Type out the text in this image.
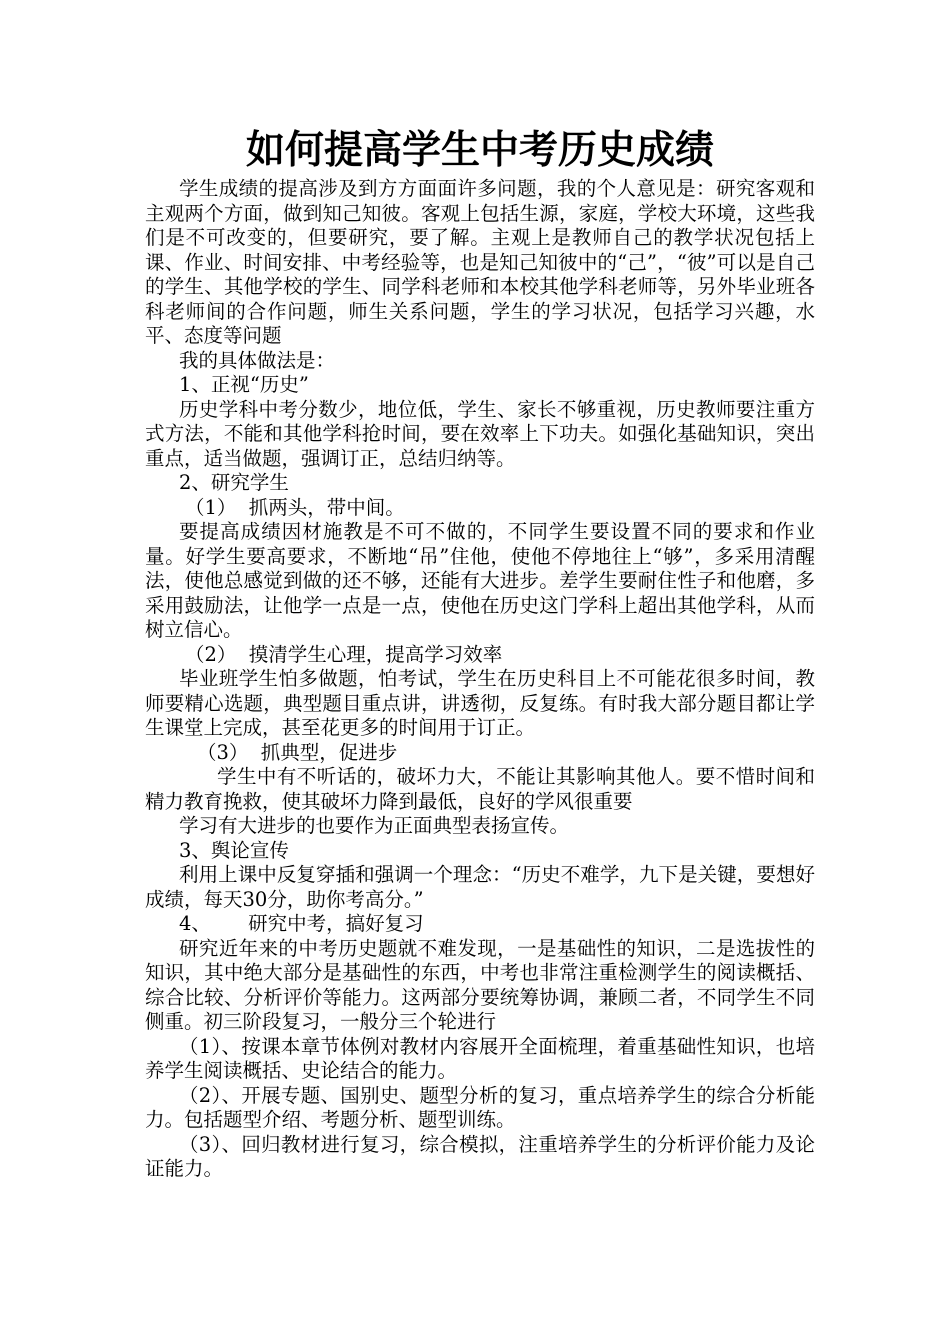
如何提高学生中考历史成绩

学生成绩的提高涉及到方方面面许多问题，我的个人意见是：研究客观和主观两个方面，做到知己知彼。客观上包括生源，家庭，学校大环境，这些我们是不可改变的，但要研究，要了解。主观上是教师自己的教学状况包括上课、作业、时间安排、中考经验等，也是知己知彼中的“己”，“彼”可以是自己的学生、其他学校的学生、同学科老师和本校其他学科老师等，另外毕业班各科老师间的合作问题，师生关系问题，学生的学习状况，包括学习兴趣，水平、态度等问题

我的具体做法是：

1、正视“历史”

历史学科中考分数少，地位低，学生、家长不够重视，历史教师要注重方式方法，不能和其他学科抢时间，要在效率上下功夫。如强化基础知识，突出重点，适当做题，强调订正，总结归纳等。

2、研究学生

（1）  抓两头，带中间。

要提高成绩因材施教是不可不做的，不同学生要设置不同的要求和作业量。好学生要高要求，不断地“吊”住他，使他不停地往上“够”，多采用清醒法，使他总感觉到做的还不够，还能有大进步。差学生要耐住性子和他磨，多采用鼓励法，让他学一点是一点，使他在历史这门学科上超出其他学科，从而树立信心。

（2）  摸清学生心理，提高学习效率

毕业班学生怕多做题，怕考试，学生在历史科目上不可能花很多时间，教师要精心选题，典型题目重点讲，讲透彻，反复练。有时我大部分题目都让学生课堂上完成，甚至花更多的时间用于订正。

（3）  抓典型，促进步

学生中有不听话的，破坏力大，不能让其影响其他人。要不惜时间和精力教育挽救，使其破坏力降到最低，良好的学风很重要

学习有大进步的也要作为正面典型表扬宣传。

3、舆论宣传

利用上课中反复穿插和强调一个理念：“历史不难学，九下是关键，要想好成绩，每天30分，助你考高分。”

4、      研究中考，搞好复习

研究近年来的中考历史题就不难发现，一是基础性的知识，二是选拔性的知识，其中绝大部分是基础性的东西，中考也非常注重检测学生的阅读概括、综合比较、分析评价等能力。这两部分要统筹协调，兼顾二者，不同学生不同侧重。初三阶段复习，一般分三个轮进行

（1）、按课本章节体例对教材内容展开全面梳理，着重基础性知识，也培养学生阅读概括、史论结合的能力。

（2）、开展专题、国别史、题型分析的复习，重点培养学生的综合分析能力。包括题型介绍、考题分析、题型训练。

（3）、回归教材进行复习，综合模拟，注重培养学生的分析评价能力及论证能力。
